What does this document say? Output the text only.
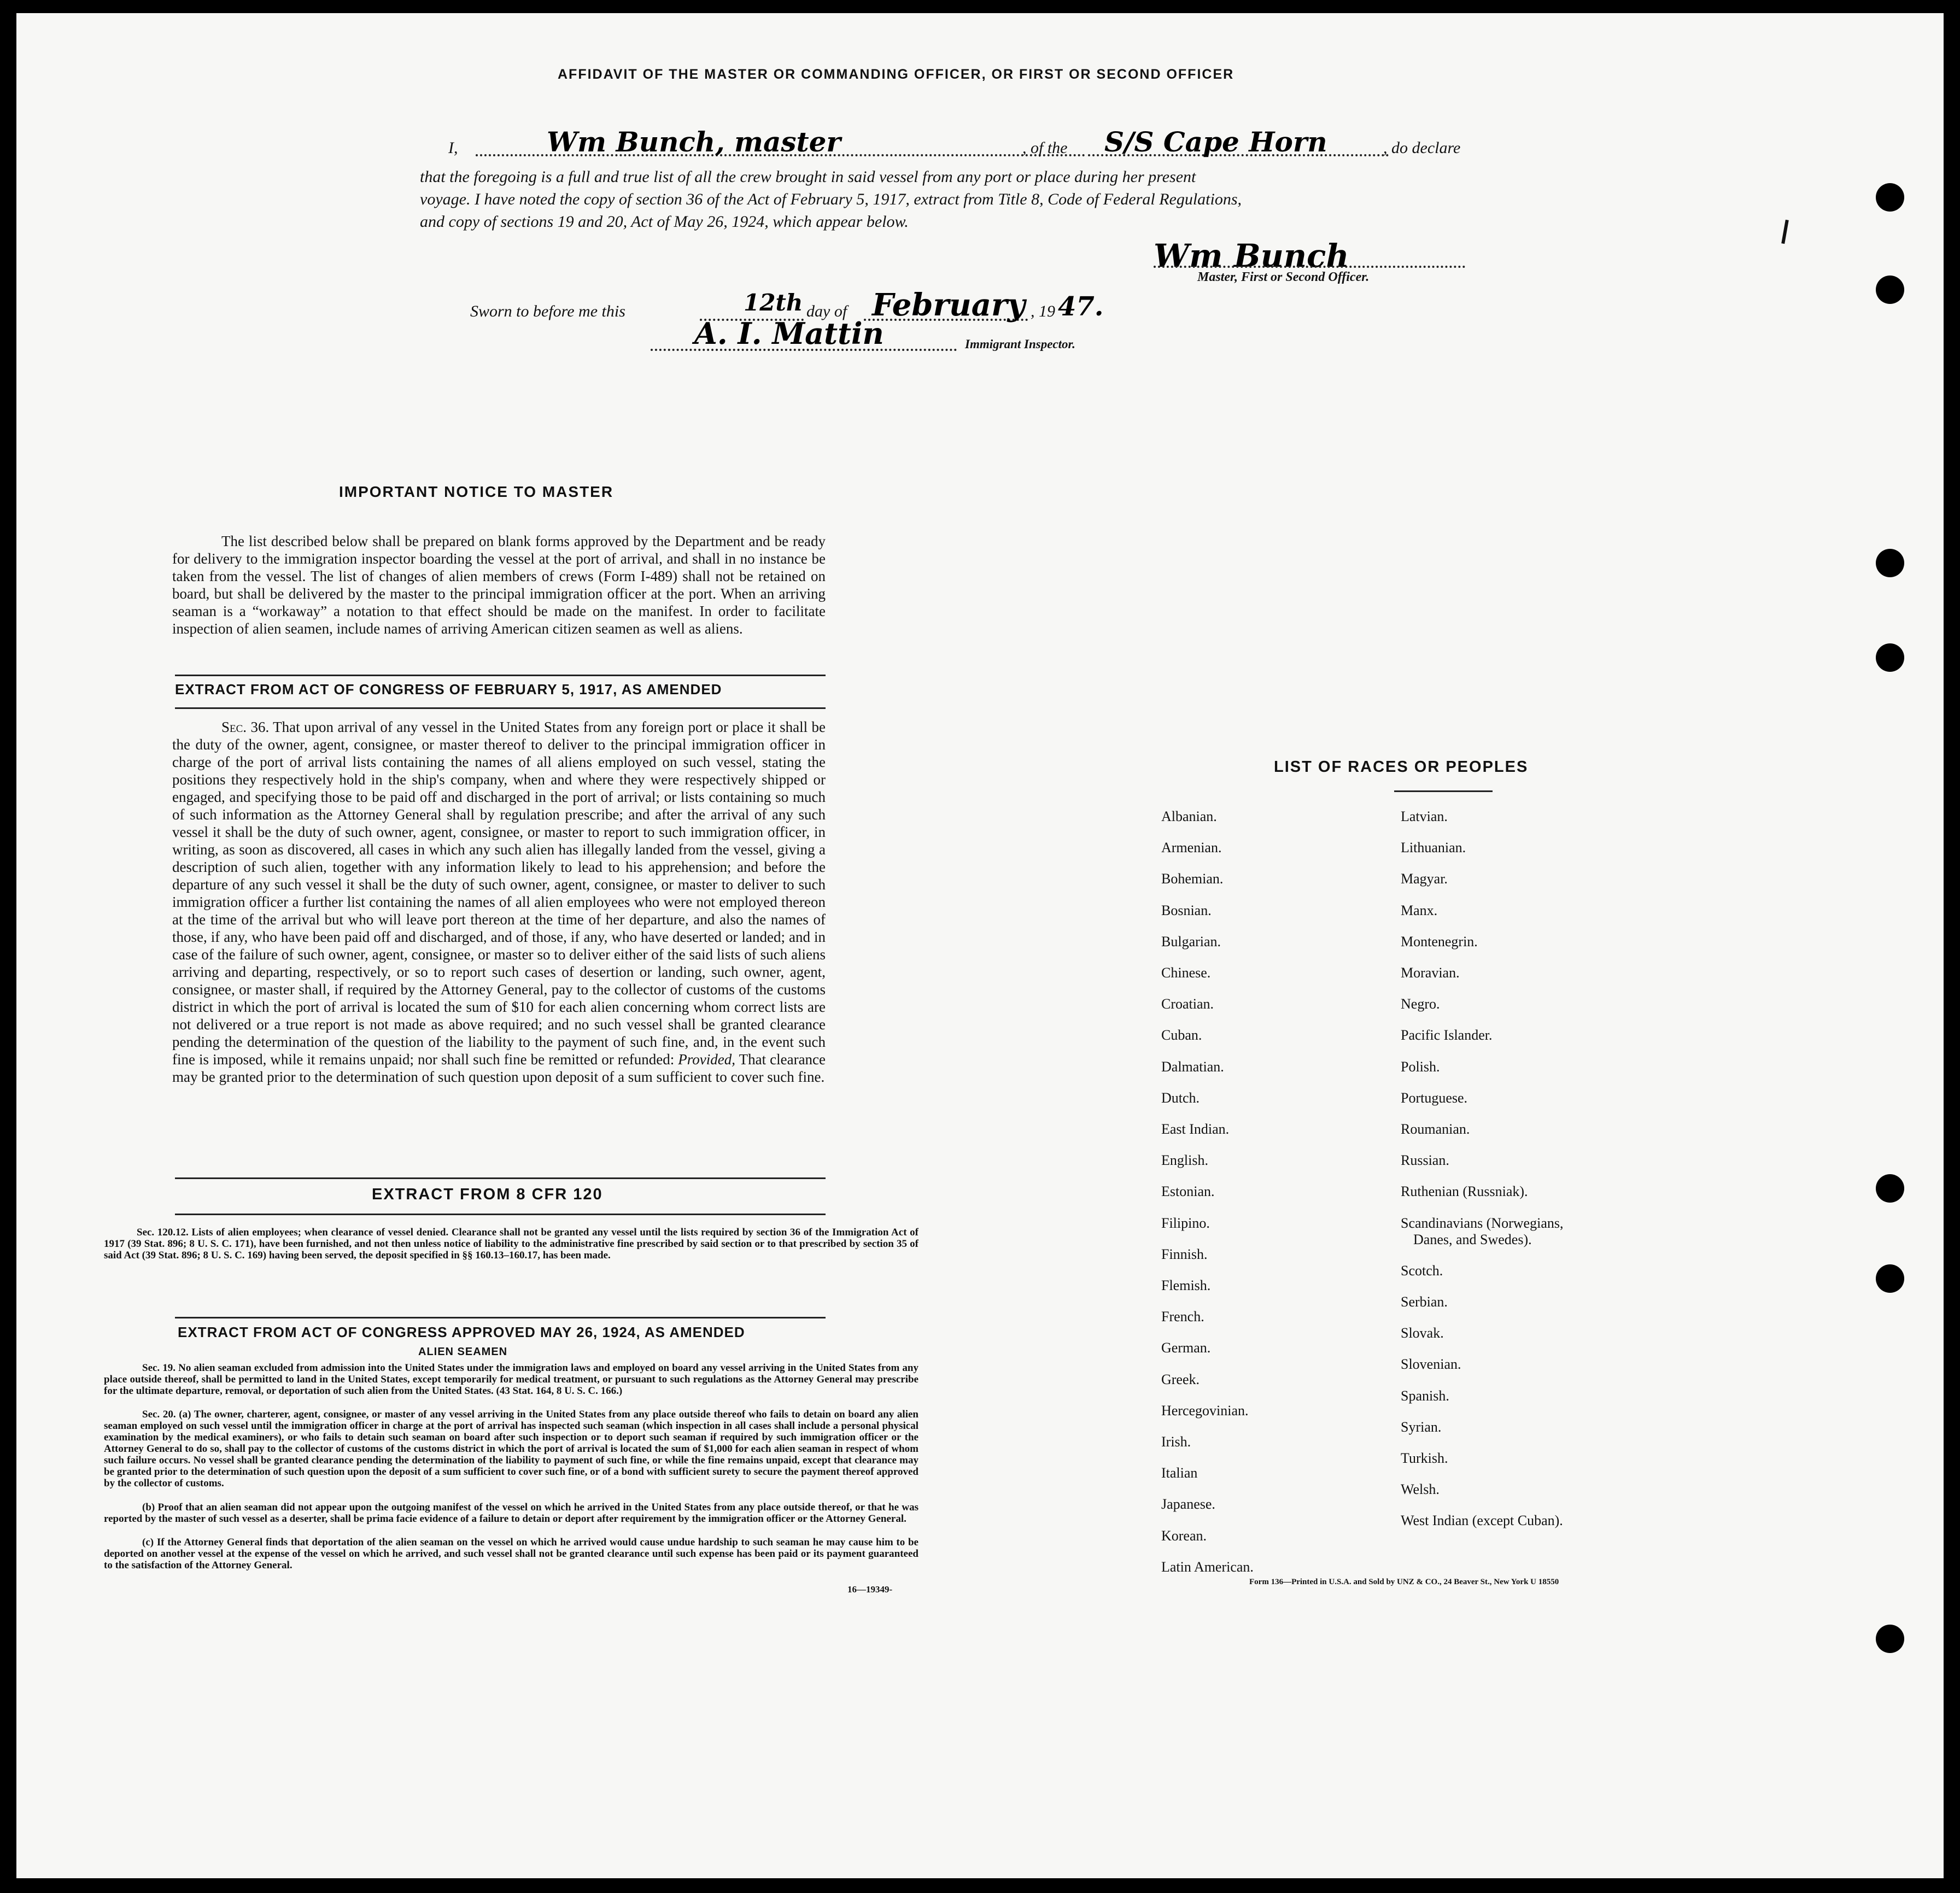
AFFIDAVIT OF THE MASTER OR COMMANDING OFFICER, OR FIRST OR SECOND OFFICER
I,	Wm Bunch, master	, of the S/S Cape Horn	, do declare
that the foregoing is a full and true list of all the crew brought in said vessel from any port or place during her present
voyage. I have noted the copy of section 36 of the Act of February 5, 1917, extract from Title 8, Code of Federal Regulations,
and copy of sections 19 and 20, Act of May 26, 1924, which appear below.
Wm Bunch
Master, First or Second Officer.
Sworn to before me this	12th day of February , 19 47.
A. I. Mattin	Immigrant Inspector.
IMPORTANT NOTICE TO MASTER
The list described below shall be prepared on blank forms approved by the Department and be ready for delivery to the immigration inspector boarding the vessel at the port of arrival, and shall in no instance be taken from the vessel. The list of changes of alien members of crews (Form I-489) shall not be retained on board, but shall be delivered by the master to the principal immigration officer at the port. When an arriving seaman is a “workaway” a notation to that effect should be made on the manifest. In order to facilitate inspection of alien seamen, include names of arriving American citizen seamen as well as aliens.
EXTRACT FROM ACT OF CONGRESS OF FEBRUARY 5, 1917, AS AMENDED
Sec. 36. That upon arrival of any vessel in the United States from any foreign port or place it shall be the duty of the owner, agent, consignee, or master thereof to deliver to the principal immigration officer in charge of the port of arrival lists containing the names of all aliens employed on such vessel, stating the positions they respectively hold in the ship's company, when and where they were respectively shipped or engaged, and specifying those to be paid off and discharged in the port of arrival; or lists containing so much of such information as the Attorney General shall by regulation prescribe; and after the arrival of any such vessel it shall be the duty of such owner, agent, consignee, or master to report to such immigration officer, in writing, as soon as discovered, all cases in which any such alien has illegally landed from the vessel, giving a description of such alien, together with any information likely to lead to his apprehension; and before the departure of any such vessel it shall be the duty of such owner, agent, consignee, or master to deliver to such immigration officer a further list containing the names of all alien employees who were not employed thereon at the time of the arrival but who will leave port thereon at the time of her departure, and also the names of those, if any, who have been paid off and discharged, and of those, if any, who have deserted or landed; and in case of the failure of such owner, agent, consignee, or master so to deliver either of the said lists of such aliens arriving and departing, respectively, or so to report such cases of desertion or landing, such owner, agent, consignee, or master shall, if required by the Attorney General, pay to the collector of customs of the customs district in which the port of arrival is located the sum of $10 for each alien concerning whom correct lists are not delivered or a true report is not made as above required; and no such vessel shall be granted clearance pending the determination of the question of the liability to the payment of such fine, and, in the event such fine is imposed, while it remains unpaid; nor shall such fine be remitted or refunded: Provided, That clearance may be granted prior to the determination of such question upon deposit of a sum sufficient to cover such fine.
EXTRACT FROM 8 CFR 120
Sec. 120.12. Lists of alien employees; when clearance of vessel denied. Clearance shall not be granted any vessel until the lists required by section 36 of the Immigration Act of 1917 (39 Stat. 896; 8 U. S. C. 171), have been furnished, and not then unless notice of liability to the administrative fine prescribed by said section or to that prescribed by section 35 of said Act (39 Stat. 896; 8 U. S. C. 169) having been served, the deposit specified in §§ 160.13–160.17, has been made.
EXTRACT FROM ACT OF CONGRESS APPROVED MAY 26, 1924, AS AMENDED
ALIEN SEAMEN
Sec. 19. No alien seaman excluded from admission into the United States under the immigration laws and employed on board any vessel arriving in the United States from any place outside thereof, shall be permitted to land in the United States, except temporarily for medical treatment, or pursuant to such regulations as the Attorney General may prescribe for the ultimate departure, removal, or deportation of such alien from the United States. (43 Stat. 164, 8 U. S. C. 166.)
Sec. 20. (a) The owner, charterer, agent, consignee, or master of any vessel arriving in the United States from any place outside thereof who fails to detain on board any alien seaman employed on such vessel until the immigration officer in charge at the port of arrival has inspected such seaman (which inspection in all cases shall include a personal physical examination by the medical examiners), or who fails to detain such seaman on board after such inspection or to deport such seaman if required by such immigration officer or the Attorney General to do so, shall pay to the collector of customs of the customs district in which the port of arrival is located the sum of $1,000 for each alien seaman in respect of whom such failure occurs. No vessel shall be granted clearance pending the determination of the liability to payment of such fine, or while the fine remains unpaid, except that clearance may be granted prior to the determination of such question upon the deposit of a sum sufficient to cover such fine, or of a bond with sufficient surety to secure the payment thereof approved by the collector of customs.
(b) Proof that an alien seaman did not appear upon the outgoing manifest of the vessel on which he arrived in the United States from any place outside thereof, or that he was reported by the master of such vessel as a deserter, shall be prima facie evidence of a failure to detain or deport after requirement by the immigration officer or the Attorney General.
(c) If the Attorney General finds that deportation of the alien seaman on the vessel on which he arrived would cause undue hardship to such seaman he may cause him to be deported on another vessel at the expense of the vessel on which he arrived, and such vessel shall not be granted clearance until such expense has been paid or its payment guaranteed to the satisfaction of the Attorney General.
16—19349-
LIST OF RACES OR PEOPLES
Form 136—Printed in U.S.A. and Sold by UNZ & CO., 24 Beaver St., New York U 18550
Albanian.
Armenian.
Bohemian.
Bosnian.
Bulgarian.
Chinese.
Croatian.
Cuban.
Dalmatian.
Dutch.
East Indian.
English.
Estonian.
Filipino.
Finnish.
Flemish.
French.
German.
Greek.
Hercegovinian.
Irish.
Italian
Japanese.
Korean.
Latin American.
Latvian.
Lithuanian.
Magyar.
Manx.
Montenegrin.
Moravian.
Negro.
Pacific Islander.
Polish.
Portuguese.
Roumanian.
Russian.
Ruthenian (Russniak).
Scandinavians (Norwegians,
Danes, and Swedes).
Scotch.
Serbian.
Slovak.
Slovenian.
Spanish.
Syrian.
Turkish.
Welsh.
West Indian (except Cuban).
